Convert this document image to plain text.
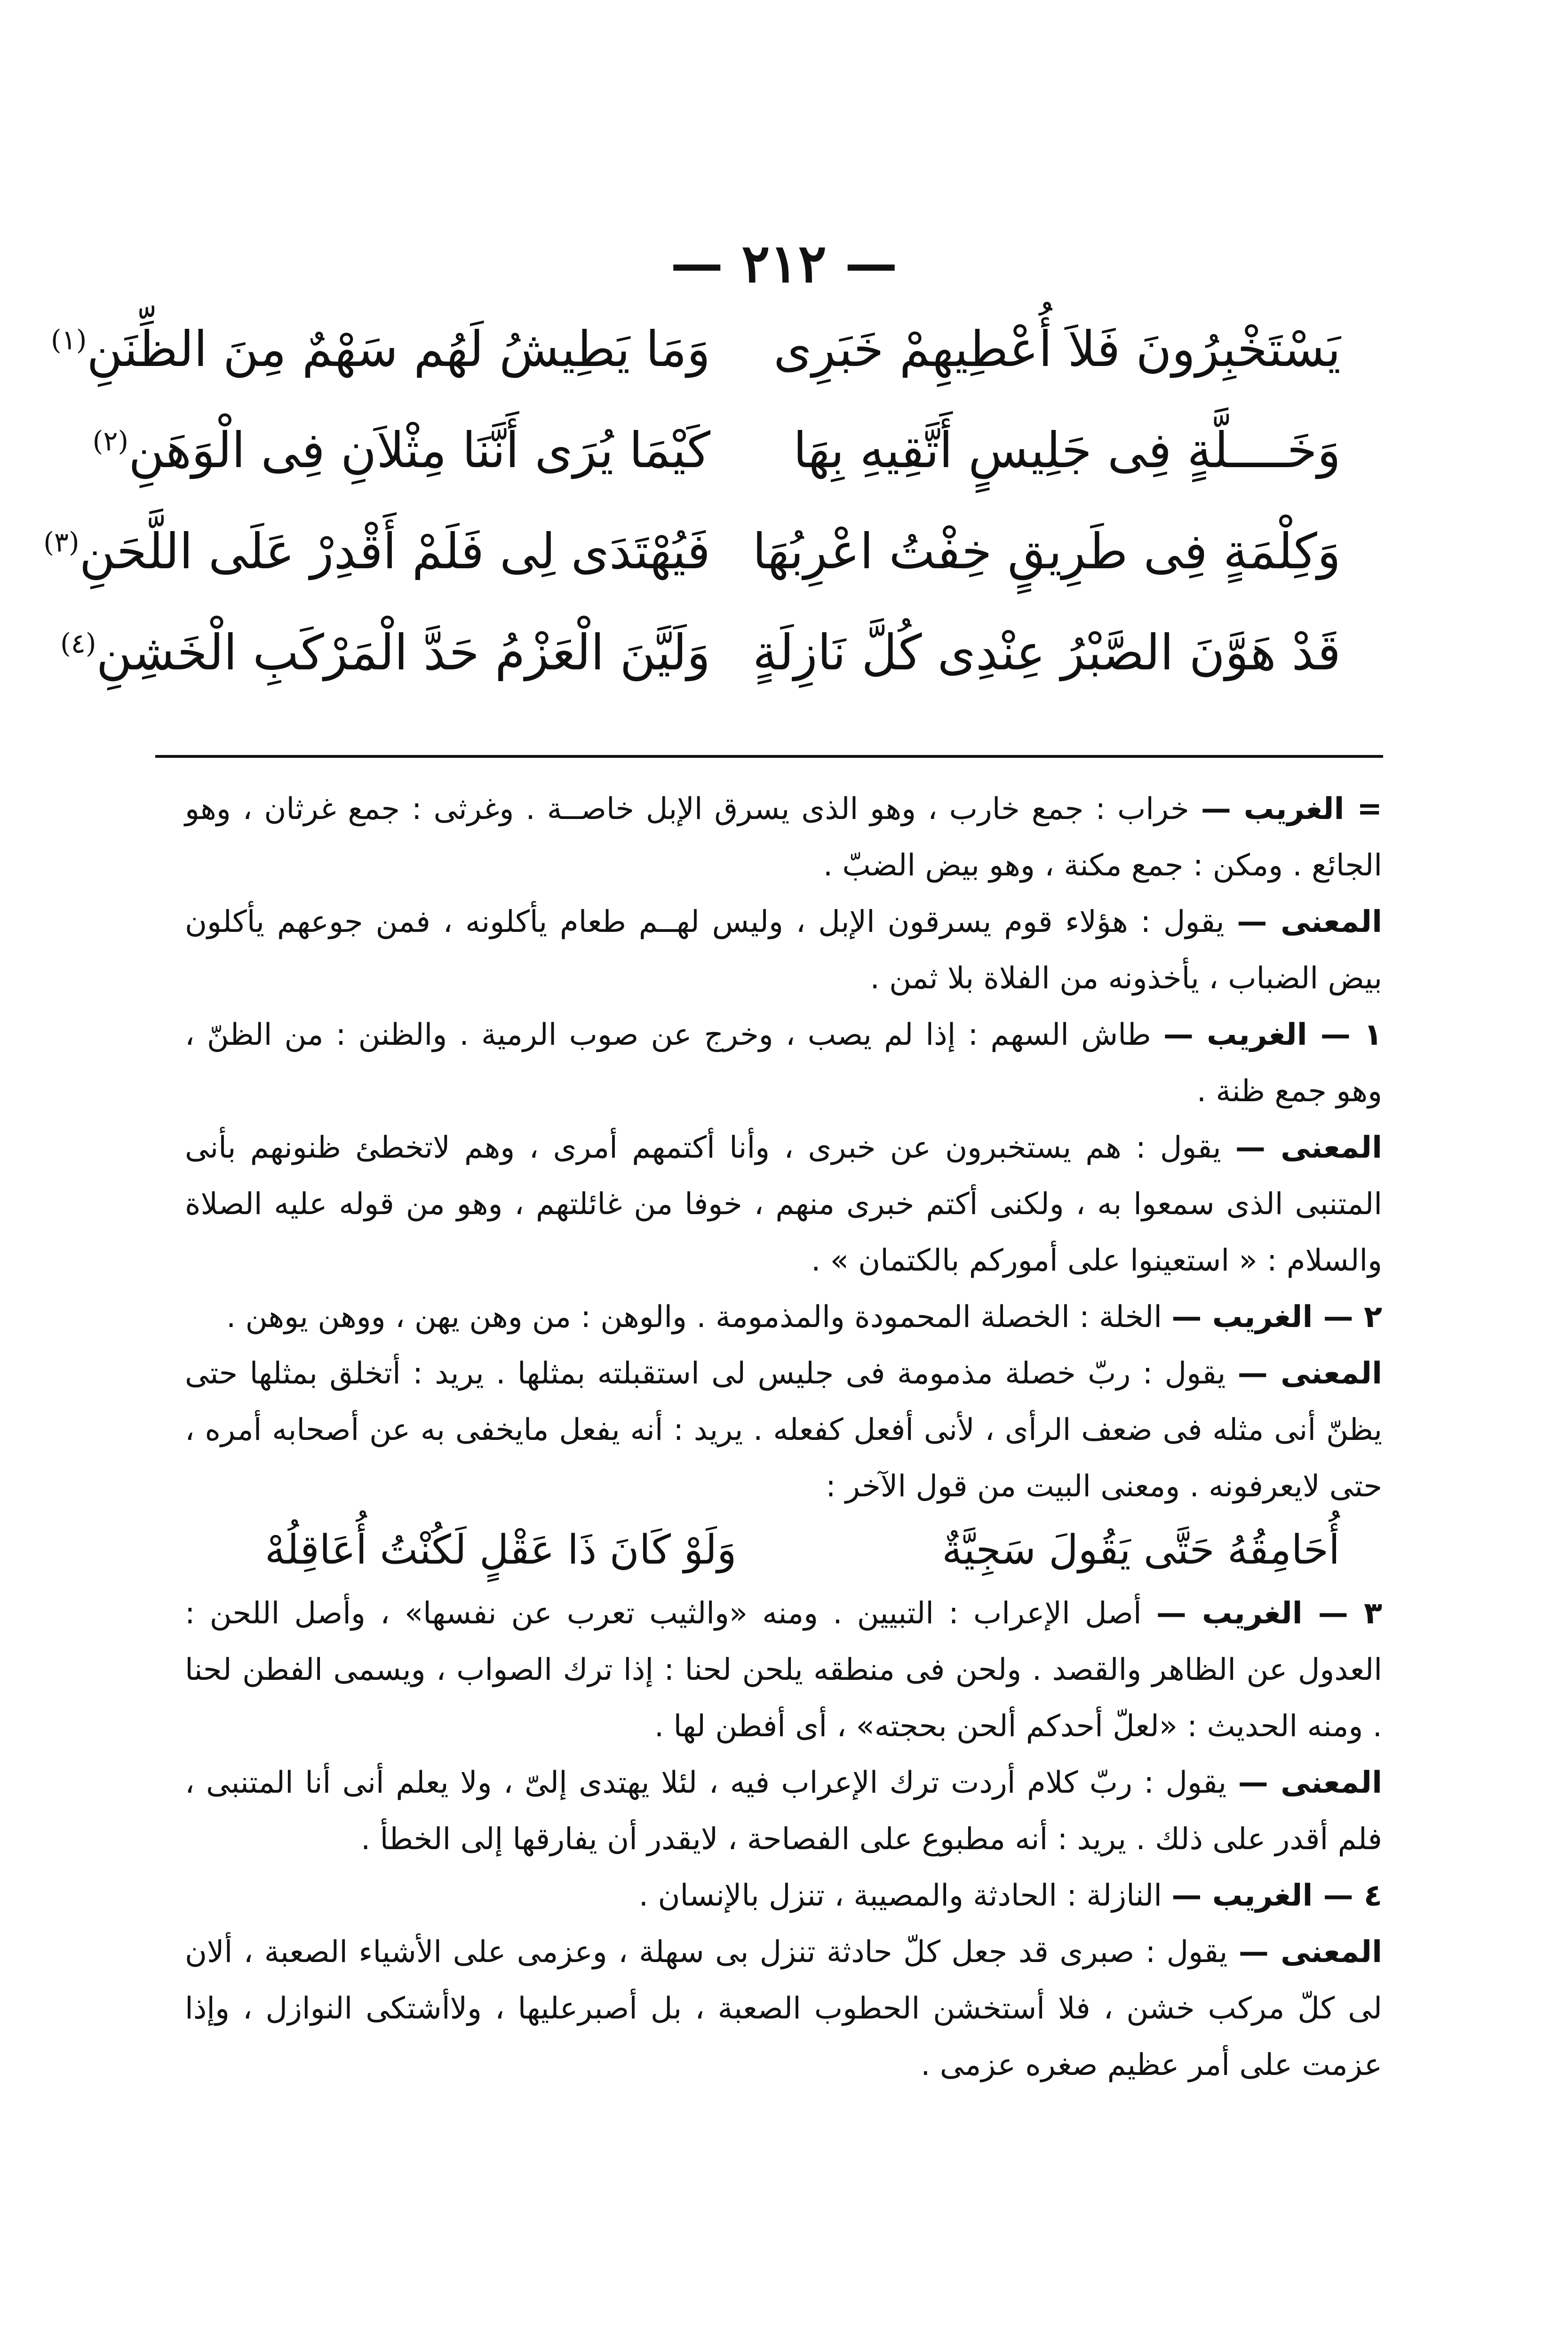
— ٢١٢ —
يَسْتَخْبِرُونَ فَلاَ أُعْطِيهِمْ خَبَرِى
وَمَا يَطِيشُ لَهُم سَهْمٌ مِنَ الظِّنَنِ$^{(١)}$
وَخَــــلَّةٍ فِى جَلِيسٍ أَتَّقِيهِ بِهَا
كَيْمَا يُرَى أَنَّنَا مِثْلاَنِ فِى الْوَهَنِ$^{(٢)}$
وَكِلْمَةٍ فِى طَرِيقٍ خِفْتُ اعْرِبُهَا
فَيُهْتَدَى لِى فَلَمْ أَقْدِرْ عَلَى اللَّحَنِ$^{(٣)}$
قَدْ هَوَّنَ الصَّبْرُ عِنْدِى كُلَّ نَازِلَةٍ
وَلَيَّنَ الْعَزْمُ حَدَّ الْمَرْكَبِ الْخَشِنِ$^{(٤)}$

= الغريب — خراب : جمع خارب ، وهو الذى يسرق الإبل خاصــة . وغرثى : جمع غرثان ، وهو الجائع . ومكن : جمع مكنة ، وهو بيض الضبّ .

المعنى — يقول : هؤلاء قوم يسرقون الإبل ، وليس لهــم طعام يأكلونه ، فمن جوعهم يأكلون بيض الضباب ، يأخذونه من الفلاة بلا ثمن .

١ — الغريب — طاش السهم : إذا لم يصب ، وخرج عن صوب الرمية . والظنن : من الظنّ ، وهو جمع ظنة .

المعنى — يقول : هم يستخبرون عن خبرى ، وأنا أكتمهم أمرى ، وهم لاتخطئ ظنونهم بأنى المتنبى الذى سمعوا به ، ولكنى أكتم خبرى منهم ، خوفا من غائلتهم ، وهو من قوله عليه الصلاة والسلام : « استعينوا على أموركم بالكتمان » .

٢ — الغريب — الخلة : الخصلة المحمودة والمذمومة . والوهن : من وهن يهن ، ووهن يوهن .

المعنى — يقول : ربّ خصلة مذمومة فى جليس لى استقبلته بمثلها . يريد : أتخلق بمثلها حتى يظنّ أنى مثله فى ضعف الرأى ، لأنى أفعل كفعله . يريد : أنه يفعل مايخفى به عن أصحابه أمره ، حتى لايعرفونه . ومعنى البيت من قول الآخر :

أُحَامِقُهُ حَتَّى يَقُولَ سَجِيَّةٌ
وَلَوْ كَانَ ذَا عَقْلٍ لَكُنْتُ أُعَاقِلُهْ

٣ — الغريب — أصل الإعراب : التبيين . ومنه «والثيب تعرب عن نفسها» ، وأصل اللحن : العدول عن الظاهر والقصد . ولحن فى منطقه يلحن لحنا : إذا ترك الصواب ، ويسمى الفطن لحنا . ومنه الحديث : «لعلّ أحدكم ألحن بحجته» ، أى أفطن لها .

المعنى — يقول : ربّ كلام أردت ترك الإعراب فيه ، لئلا يهتدى إلىّ ، ولا يعلم أنى أنا المتنبى ، فلم أقدر على ذلك . يريد : أنه مطبوع على الفصاحة ، لايقدر أن يفارقها إلى الخطأ .

٤ — الغريب — النازلة : الحادثة والمصيبة ، تنزل بالإنسان .

المعنى — يقول : صبرى قد جعل كلّ حادثة تنزل بى سهلة ، وعزمى على الأشياء الصعبة ، ألان لى كلّ مركب خشن ، فلا أستخشن الحطوب الصعبة ، بل أصبرعليها ، ولاأشتكى النوازل ، وإذا عزمت على أمر عظيم صغره عزمى .
